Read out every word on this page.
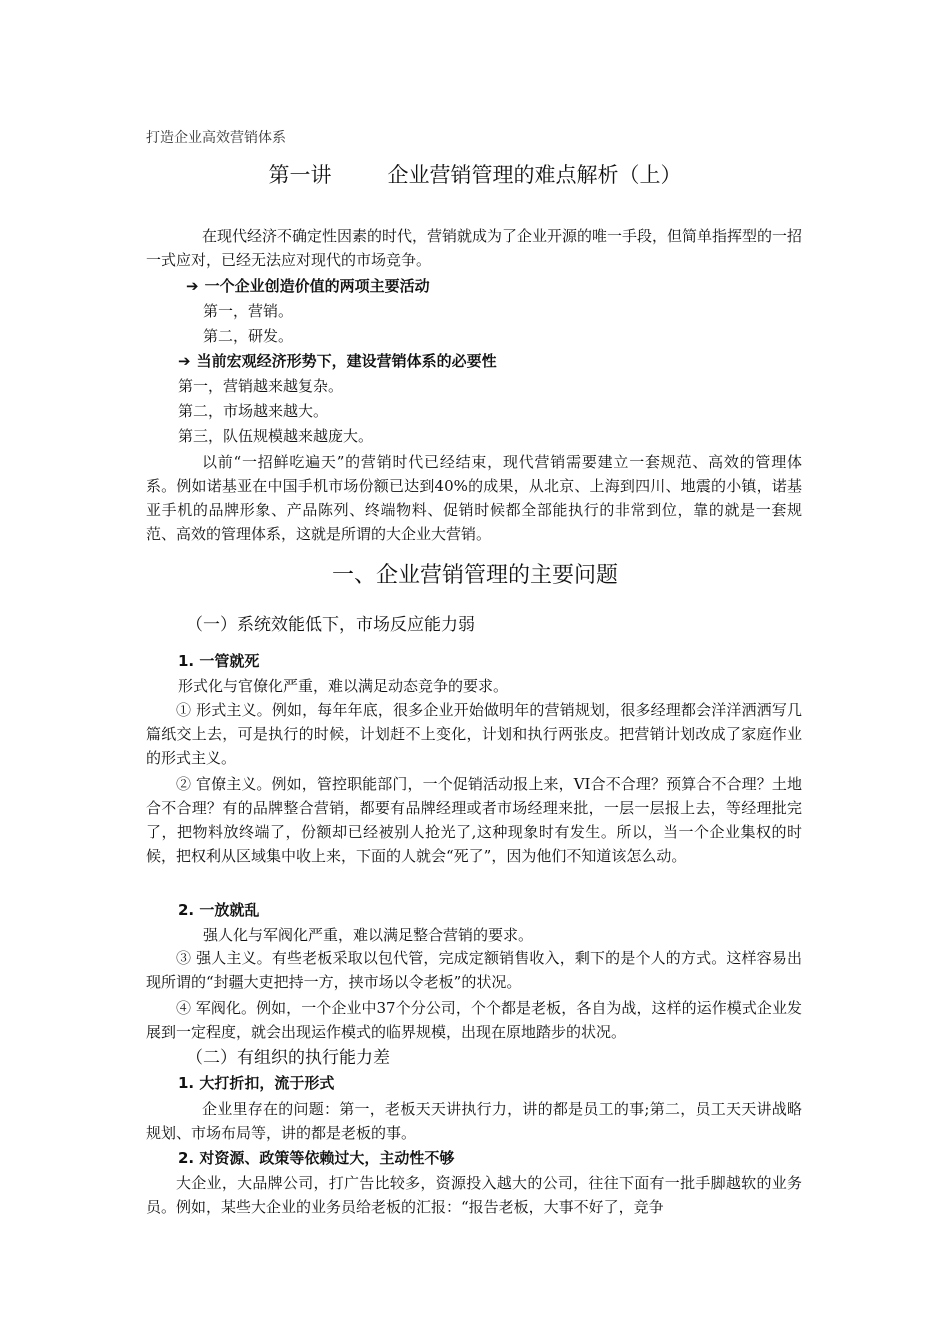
打造企业高效营销体系
第一讲	企业营销管理的难点解析（上）
在现代经济不确定性因素的时代，营销就成为了企业开源的唯一手段，但简单指挥型的一招一式应对，已经无法应对现代的市场竞争。
➔ 一个企业创造价值的两项主要活动
第一，营销。
第二，研发。
➔ 当前宏观经济形势下，建设营销体系的必要性
第一，营销越来越复杂。
第二，市场越来越大。
第三，队伍规模越来越庞大。
以前“一招鲜吃遍天”的营销时代已经结束，现代营销需要建立一套规范、高效的管理体系。例如诺基亚在中国手机市场份额已达到40%的成果，从北京、上海到四川、地震的小镇，诺基亚手机的品牌形象、产品陈列、终端物料、促销时候都全部能执行的非常到位，靠的就是一套规范、高效的管理体系，这就是所谓的大企业大营销。
一、企业营销管理的主要问题
（一）系统效能低下，市场反应能力弱
1. 一管就死
形式化与官僚化严重，难以满足动态竞争的要求。
① 形式主义。例如，每年年底，很多企业开始做明年的营销规划，很多经理都会洋洋洒洒写几篇纸交上去，可是执行的时候，计划赶不上变化，计划和执行两张皮。把营销计划改成了家庭作业的形式主义。
② 官僚主义。例如，管控职能部门，一个促销活动报上来，VI合不合理？预算合不合理？土地合不合理？有的品牌整合营销，都要有品牌经理或者市场经理来批，一层一层报上去，等经理批完了，把物料放终端了，份额却已经被别人抢光了,这种现象时有发生。所以，当一个企业集权的时候，把权利从区域集中收上来，下面的人就会“死了”，因为他们不知道该怎么动。
2. 一放就乱
强人化与军阀化严重，难以满足整合营销的要求。
③ 强人主义。有些老板采取以包代管，完成定额销售收入，剩下的是个人的方式。这样容易出现所谓的“封疆大吏把持一方，挟市场以令老板”的状况。
④ 军阀化。例如，一个企业中37个分公司，个个都是老板，各自为战，这样的运作模式企业发展到一定程度，就会出现运作模式的临界规模，出现在原地踏步的状况。
（二）有组织的执行能力差
1. 大打折扣，流于形式
企业里存在的问题：第一，老板天天讲执行力，讲的都是员工的事;第二，员工天天讲战略规划、市场布局等，讲的都是老板的事。
2. 对资源、政策等依赖过大，主动性不够
大企业，大品牌公司，打广告比较多，资源投入越大的公司，往往下面有一批手脚越软的业务员。例如，某些大企业的业务员给老板的汇报：“报告老板，大事不好了，竞争
